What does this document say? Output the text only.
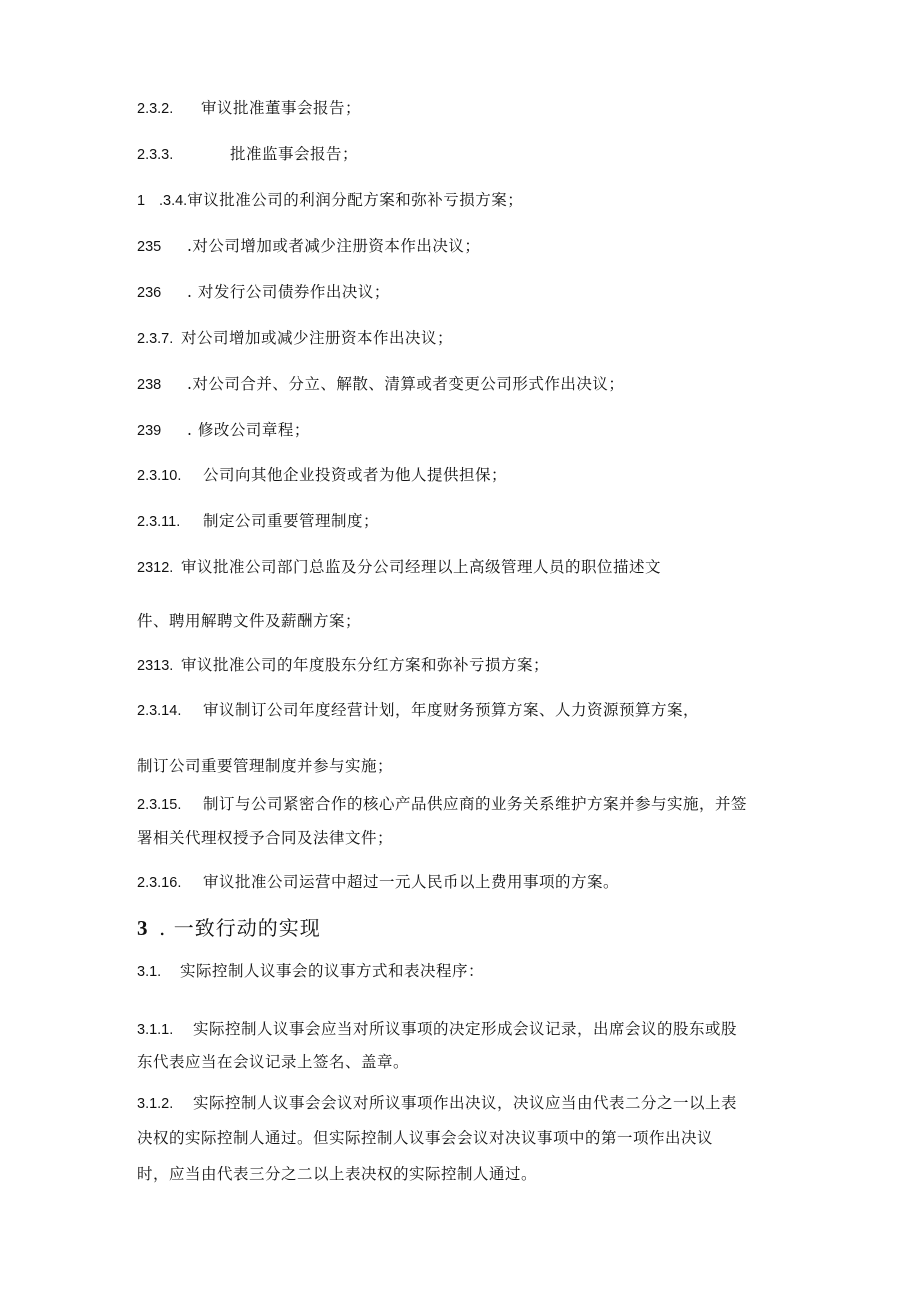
2.3.2. 审议批准董事会报告；
2.3.3.	批准监事会报告；
1 .3.4.审议批准公司的利润分配方案和弥补亏损方案；
235 .对公司增加或者减少注册资本作出决议；
236 . 对发行公司债券作出决议；
2.3.7. 对公司增加或减少注册资本作出决议；
238 .对公司合并、分立、解散、清算或者变更公司形式作出决议；
239 . 修改公司章程；
2.3.10. 公司向其他企业投资或者为他人提供担保；
2.3.11. 制定公司重要管理制度；
2312. 审议批准公司部门总监及分公司经理以上高级管理人员的职位描述文
件、聘用解聘文件及薪酬方案；
2313. 审议批准公司的年度股东分红方案和弥补亏损方案；
2.3.14. 审议制订公司年度经营计划，年度财务预算方案、人力资源预算方案，
制订公司重要管理制度并参与实施；
2.3.15. 制订与公司紧密合作的核心产品供应商的业务关系维护方案并参与实施，并签
署相关代理权授予合同及法律文件；
2.3.16. 审议批准公司运营中超过一元人民币以上费用事项的方案。
3 . 一致行动的实现
3.1. 实际控制人议事会的议事方式和表决程序：
3.1.1. 实际控制人议事会应当对所议事项的决定形成会议记录，出席会议的股东或股
东代表应当在会议记录上签名、盖章。
3.1.2. 实际控制人议事会会议对所议事项作出决议，决议应当由代表二分之一以上表
决权的实际控制人通过。但实际控制人议事会会议对决议事项中的第一项作出决议
时，应当由代表三分之二以上表决权的实际控制人通过。
